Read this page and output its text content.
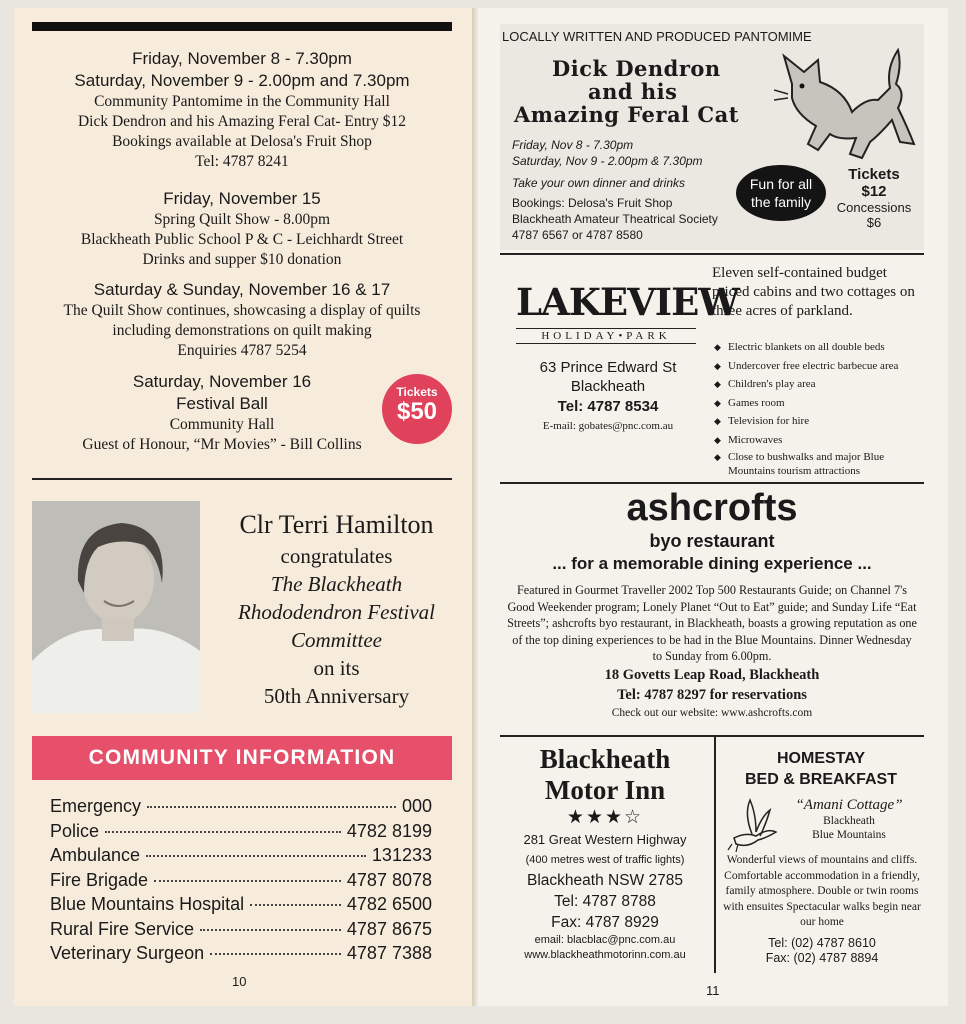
Friday, November 8 - 7.30pm
Saturday, November 9 - 2.00pm and 7.30pm
Community Pantomime in the Community Hall
Dick Dendron and his Amazing Feral Cat- Entry $12
Bookings available at Delosa's Fruit Shop
Tel: 4787 8241
Friday, November 15
Spring Quilt Show - 8.00pm
Blackheath Public School P & C - Leichhardt Street
Drinks and supper $10 donation
Saturday & Sunday, November 16 & 17
The Quilt Show continues, showcasing a display of quilts
including demonstrations on quilt making
Enquiries 4787 5254
Saturday, November 16
Festival Ball
Community Hall
Guest of Honour, “Mr Movies” - Bill Collins
Tickets
$50
Clr Terri Hamilton
congratulates
The Blackheath
Rhododendron Festival
Committee
on its
50th Anniversary
COMMUNITY INFORMATION
Emergency	000
Police	4782 8199
Ambulance	131233
Fire Brigade	4787 8078
Blue Mountains Hospital	4782 6500
Rural Fire Service	4787 8675
Veterinary Surgeon	4787 7388
10
LOCALLY WRITTEN AND PRODUCED PANTOMIME
Dick Dendron
and his
Amazing Feral Cat
Friday, Nov 8 - 7.30pm
Saturday, Nov 9 - 2.00pm & 7.30pm
Take your own dinner and drinks
Bookings: Delosa's Fruit Shop
Blackheath Amateur Theatrical Society
4787 6567 or 4787 8580
Fun for all
the family
Tickets
$12
Concessions
$6
LAKEVIEW
HOLIDAY•PARK
63 Prince Edward St
Blackheath
Tel: 4787 8534
E-mail: gobates@pnc.com.au
Eleven self-contained budget priced cabins and two cottages on three acres of parkland.
◆ Electric blankets on all double beds
◆ Undercover free electric barbecue area
◆ Children's play area
◆ Games room
◆ Television for hire
◆ Microwaves
◆ Close to bushwalks and major Blue Mountains tourism attractions
ashcrofts
byo restaurant
... for a memorable dining experience ...
Featured in Gourmet Traveller 2002 Top 500 Restaurants Guide; on Channel 7's Good Weekender program; Lonely Planet “Out to Eat” guide; and Sunday Life “Eat Streets”; ashcrofts byo restaurant, in Blackheath, boasts a growing reputation as one of the top dining experiences to be had in the Blue Mountains. Dinner Wednesday to Sunday from 6.00pm.
18 Govetts Leap Road, Blackheath
Tel: 4787 8297 for reservations
Check out our website: www.ashcrofts.com
Blackheath
Motor Inn
★★★☆
281 Great Western Highway
(400 metres west of traffic lights)
Blackheath NSW 2785
Tel: 4787 8788
Fax: 4787 8929
email: blacblac@pnc.com.au
www.blackheathmotorinn.com.au
HOMESTAY
BED & BREAKFAST
“Amani Cottage”
Blackheath
Blue Mountains
Wonderful views of mountains and cliffs. Comfortable accommodation in a friendly, family atmosphere. Double or twin rooms with ensuites Spectacular walks begin near our home
Tel: (02) 4787 8610
Fax: (02) 4787 8894
11
